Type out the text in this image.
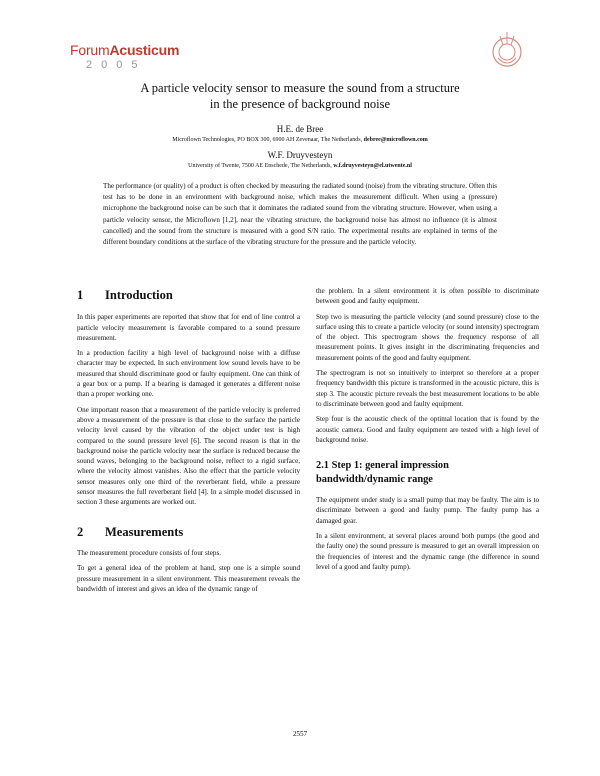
ForumAcusticum
2005
A particle velocity sensor to measure the sound from a structure
in the presence of background noise
H.E. de Bree
Microflown Technologies, PO BOX 300, 6900 AH Zevenaar, The Netherlands, debree@microflown.com
W.F. Druyvesteyn
University of Twente, 7500 AE Enschede, The Netherlands, w.f.druyvesteyn@el.utwente.nl

The performance (or quality) of a product is often checked by measuring the radiated sound (noise) from the vibrating structure. Often this test has to be done in an environment with background noise, which makes the measurement difficult. When using a (pressure) microphone the background noise can be such that it dominates the radiated sound from the vibrating structure. However, when using a particle velocity sensor, the Microflown [1,2], near the vibrating structure, the background noise has almost no influence (it is almost cancelled) and the sound from the structure is measured with a good S/N ratio. The experimental results are explained in terms of the different boundary conditions at the surface of the vibrating structure for the pressure and the particle velocity.

1 Introduction

In this paper experiments are reported that show that for end of line control a particle velocity measurement is favorable compared to a sound pressure measurement.

In a production facility a high level of background noise with a diffuse character may be expected. In such environment low sound levels have to be measured that should discriminate good or faulty equipment. One can think of a gear box or a pump. If a bearing is damaged it generates a different noise than a proper working one.

One important reason that a measurement of the particle velocity is preferred above a measurement of the pressure is that close to the surface the particle velocity level caused by the vibration of the object under test is high compared to the sound pressure level [6]. The second reason is that in the background noise the particle velocity near the surface is reduced because the sound waves, belonging to the background noise, reflect to a rigid surface, where the velocity almost vanishes. Also the effect that the particle velocity sensor measures only one third of the reverberant field, while a pressure sensor measures the full reverberant field [4]. In a simple model discussed in section 3 these arguments are worked out.

2 Measurements

The measurement procedure consists of four steps.

To get a general idea of the problem at hand, step one is a simple sound pressure measurement in a silent environment. This measurement reveals the bandwidth of interest and gives an idea of the dynamic range of

the problem. In a silent environment it is often possible to discriminate between good and faulty equipment.

Step two is measuring the particle velocity (and sound pressure) close to the surface using this to create a particle velocity (or sound intensity) spectrogram of the object. This spectrogram shows the frequency response of all measurement points. It gives insight in the discriminating frequencies and measurement points of the good and faulty equipment.

The spectrogram is not so intuitively to interpret so therefore at a proper frequency bandwidth this picture is transformed in the acoustic picture, this is step 3. The acoustic picture reveals the best measurement locations to be able to discriminate between good and faulty equipment.

Step four is the acoustic check of the optimal location that is found by the acoustic camera. Good and faulty equipment are tested with a high level of background noise.

2.1 Step 1: general impression bandwidth/dynamic range

The equipment under study is a small pump that may be faulty. The aim is to discriminate between a good and faulty pump. The faulty pump has a damaged gear.

In a silent environment, at several places around both pumps (the good and the faulty one) the sound pressure is measured to get an overall impression on the frequencies of interest and the dynamic range (the difference in sound level of a good and faulty pump).

2557
